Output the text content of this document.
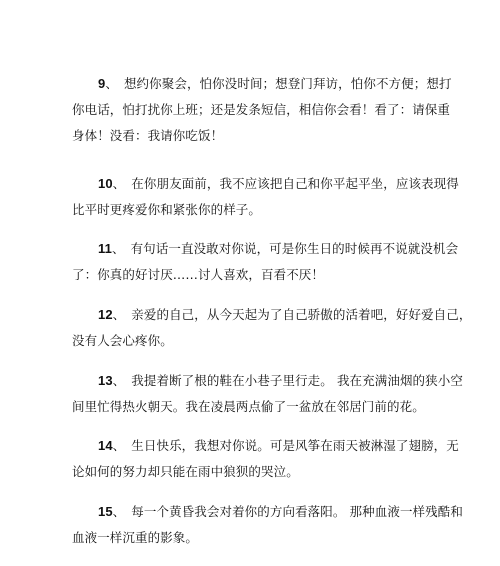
9、 想约你聚会，怕你没时间；想登门拜访，怕你不方便；想打
你电话，怕打扰你上班；还是发条短信，相信你会看！看了：请保重
身体！没看：我请你吃饭！
10、 在你朋友面前，我不应该把自己和你平起平坐，应该表现得
比平时更疼爱你和紧张你的样子。
11、 有句话一直没敢对你说，可是你生日的时候再不说就没机会
了：你真的好讨厌……讨人喜欢，百看不厌！
12、 亲爱的自己，从今天起为了自己骄傲的活着吧，好好爱自己，
没有人会心疼你。
13、 我提着断了根的鞋在小巷子里行走。 我在充满油烟的狭小空
间里忙得热火朝天。我在凌晨两点偷了一盆放在邻居门前的花。
14、 生日快乐，我想对你说。可是风筝在雨天被淋湿了翅膀，无
论如何的努力却只能在雨中狼狈的哭泣。
15、 每一个黄昏我会对着你的方向看落阳。 那种血液一样残酷和
血液一样沉重的影象。
